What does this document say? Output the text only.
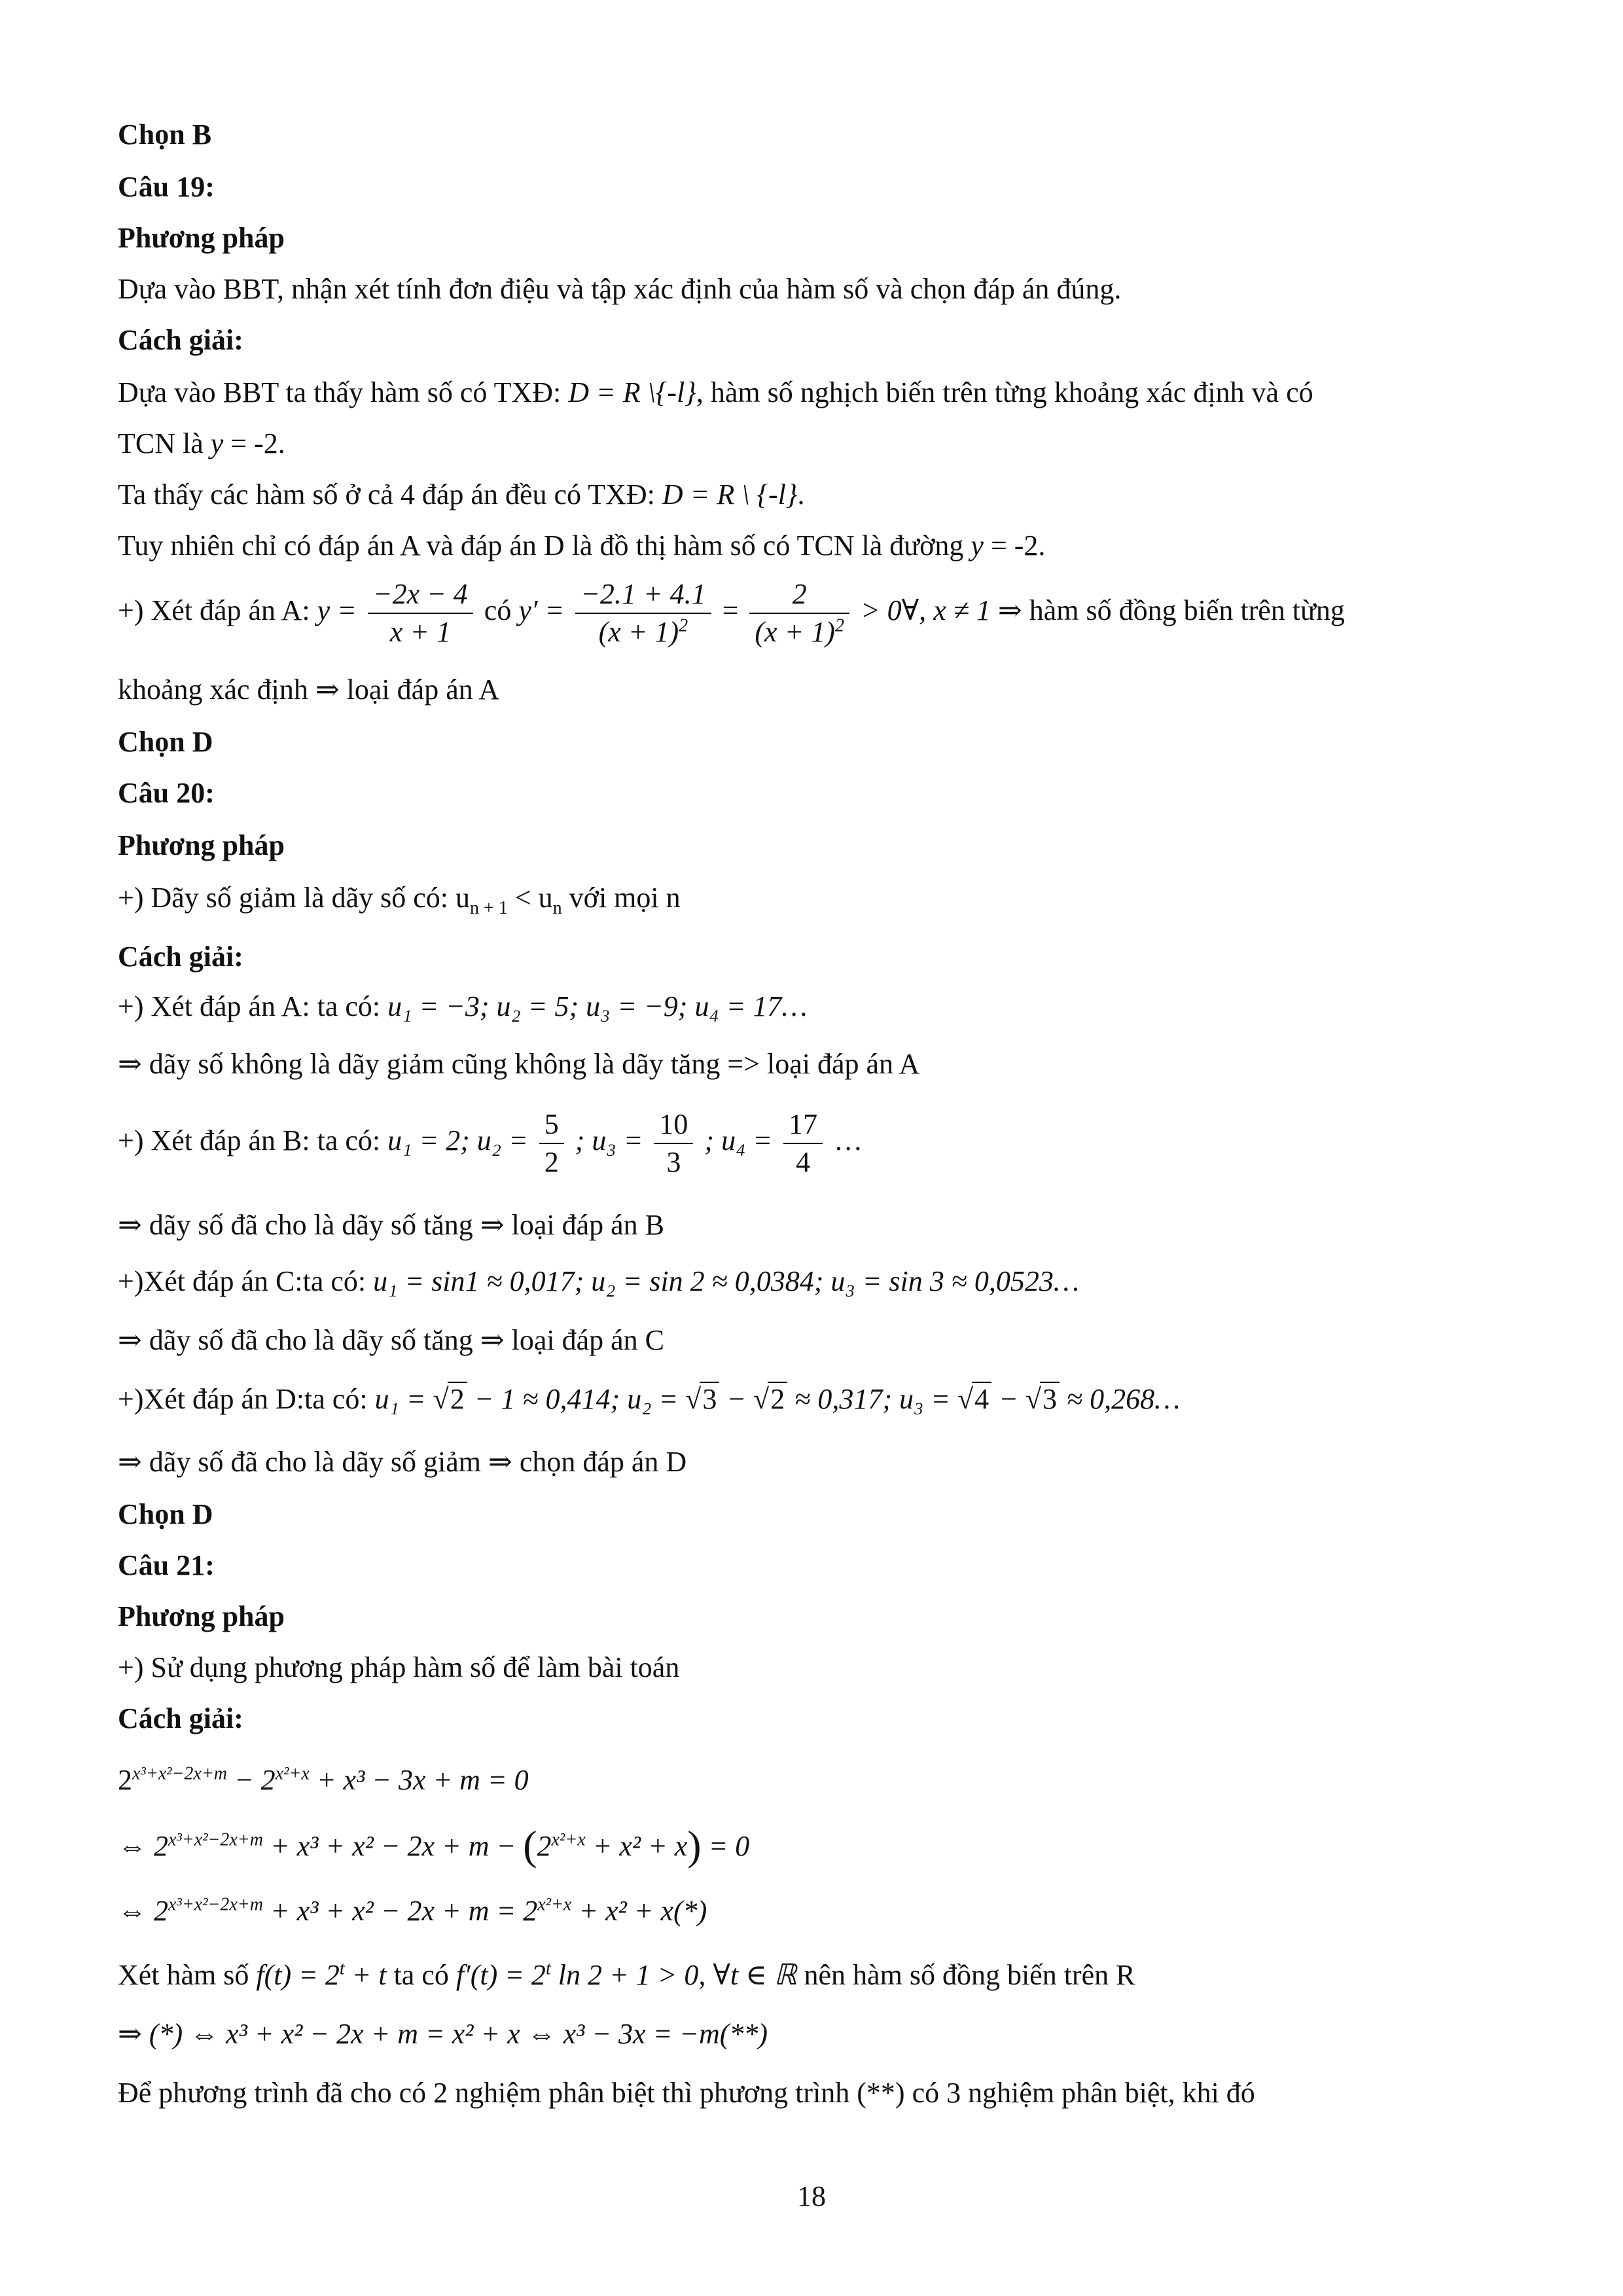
Chọn B
Câu 19:
Phương pháp
Dựa vào BBT, nhận xét tính đơn điệu và tập xác định của hàm số và chọn đáp án đúng.
Cách giải:
Dựa vào BBT ta thấy hàm số có TXĐ: D = R \{-l}, hàm số nghịch biến trên từng khoảng xác định và có
TCN là y = -2.
Ta thấy các hàm số ở cả 4 đáp án đều có TXĐ: D = R \ {-l}.
Tuy nhiên chỉ có đáp án A và đáp án D là đồ thị hàm số có TCN là đường y = -2.
+) Xét đáp án A: $y = \frac{-2x - 4}{x + 1}$ có $y' = \frac{-2.1 + 4.1}{(x + 1)^2} = \frac{2}{(x + 1)^2}$ > 0∀, x ≠ 1 ⇒ hàm số đồng biến trên từng
khoảng xác định ⇒ loại đáp án A
Chọn D
Câu 20:
Phương pháp
+) Dãy số giảm là dãy số có: $u_{n + 1} < u_n$ với mọi n
Cách giải:
+) Xét đáp án A: ta có: u₁ = −3; u₂ = 5; u₃ = −9; u₄ = 17…
⇒ dãy số không là dãy giảm cũng không là dãy tăng => loại đáp án A
+) Xét đáp án B: ta có: u₁ = 2; $u_2 = \frac{5}{2}$ ; $u_3 = \frac{10}{3}$ ; $u_4 = \frac{17}{4}$ …
⇒ dãy số đã cho là dãy số tăng ⇒ loại đáp án B
+)Xét đáp án C:ta có: u₁ = sin1 ≈ 0,017; u₂ = sin 2 ≈ 0,0384; u₃ = sin 3 ≈ 0,0523…
⇒ dãy số đã cho là dãy số tăng ⇒ loại đáp án C
+)Xét đáp án D:ta có: u₁ = √2 − 1 ≈ 0,414; u₂ = √3 − √2 ≈ 0,317; u₃ = √4 − √3 ≈ 0,268…
⇒ dãy số đã cho là dãy số giảm ⇒ chọn đáp án D
Chọn D
Câu 21:
Phương pháp
+) Sử dụng phương pháp hàm số để làm bài toán
Cách giải:
$2^{x^3+x^2-2x+m} - 2^{x^2+x} + x^3 - 3x + m = 0$
⇔ $2^{x^3+x^2-2x+m} + x^3 + x^2 - 2x + m - (2^{x^2+x} + x^2 + x) = 0$
⇔ $2^{x^3+x^2-2x+m} + x^3 + x^2 - 2x + m = 2^{x^2+x} + x^2 + x(*)$
Xét hàm số $f(t) = 2^t + t$ ta có $f'(t) = 2^t$ ln 2 + 1 > 0, ∀t ∈ ℝ nên hàm số đồng biến trên R
⇒ (*) ⇔ x³ + x² − 2x + m = x² + x ⇔ x³ − 3x = −m(**)
Để phương trình đã cho có 2 nghiệm phân biệt thì phương trình (**) có 3 nghiệm phân biệt, khi đó
18
